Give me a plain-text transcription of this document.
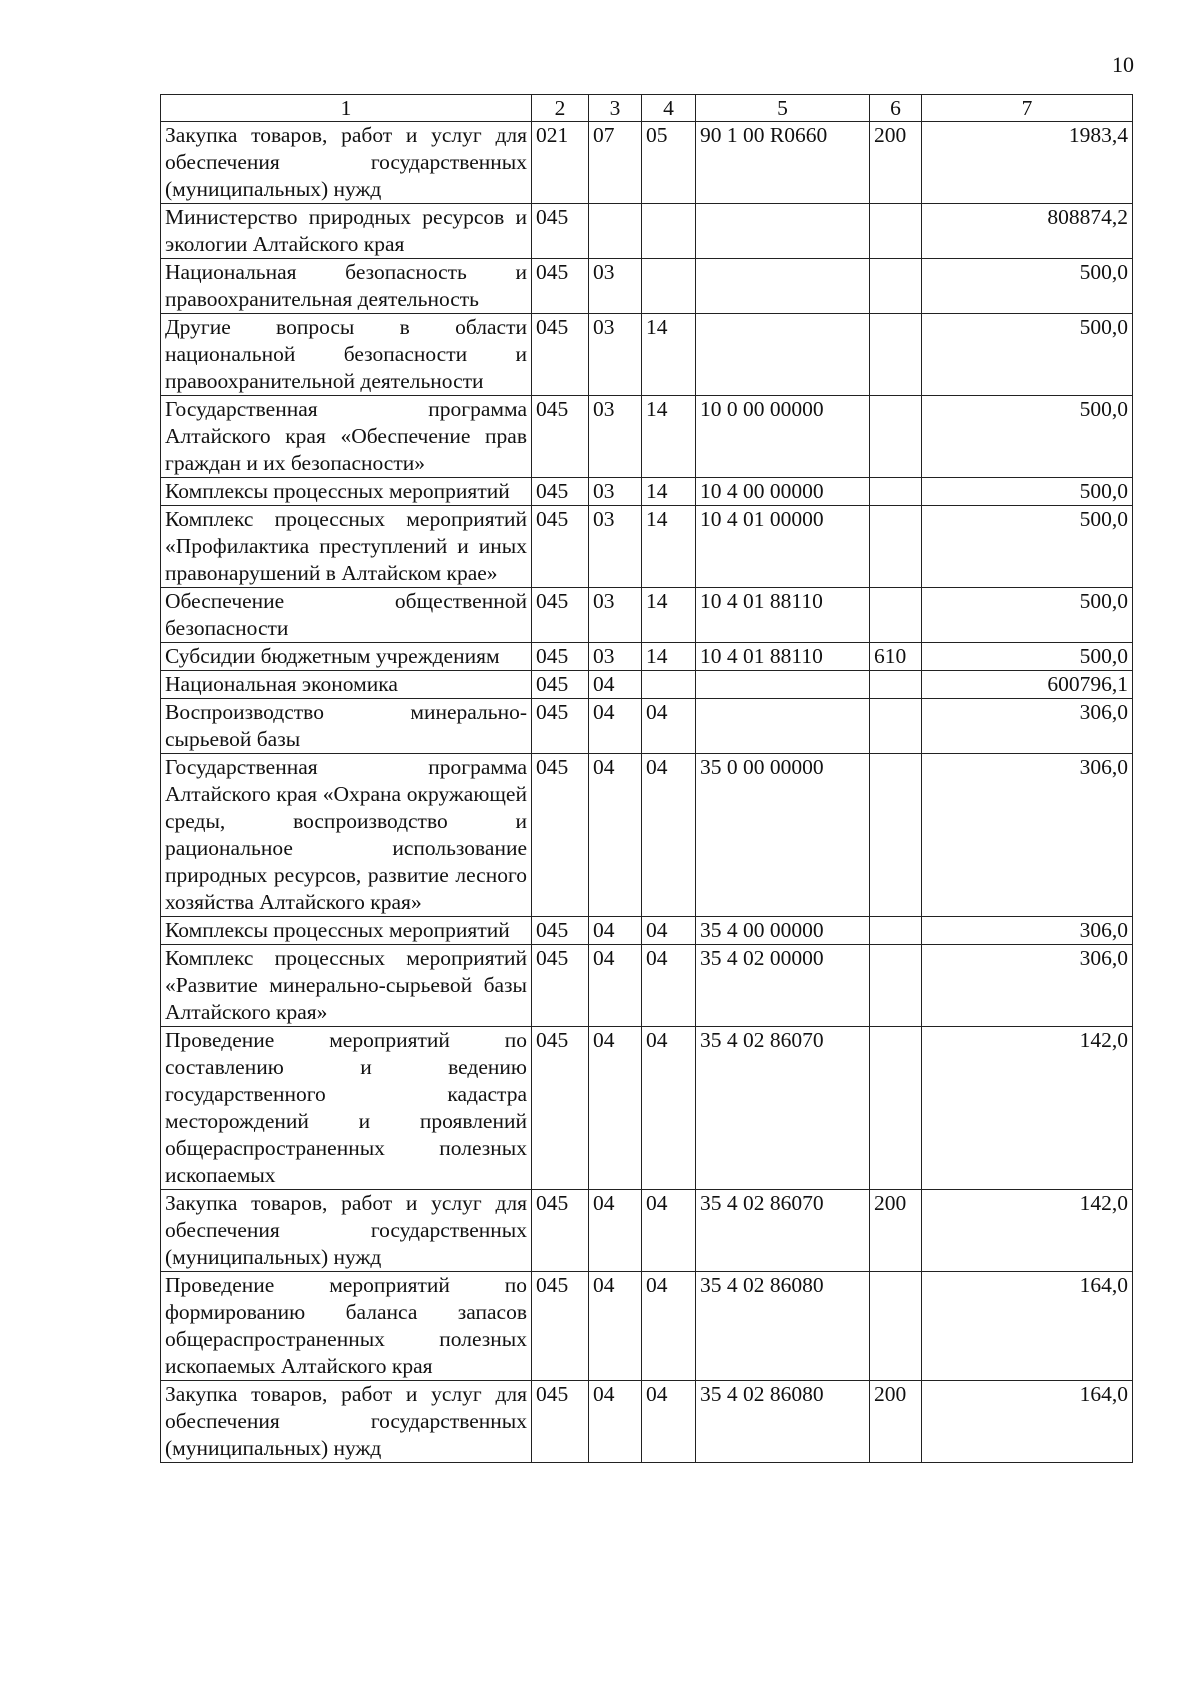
10
1	2	3	4	5	6	7
Закупка товаров, работ и услуг для обеспечения государственных (муниципальных) нужд	021	07	05	90 1 00 R0660	200	1983,4
Министерство природных ресурсов и экологии Алтайского края	045					808874,2
Национальная безопасность и правоохранительная деятельность	045	03				500,0
Другие вопросы в области национальной безопасности и правоохранительной деятельности	045	03	14			500,0
Государственная программа Алтайского края «Обеспечение прав граждан и их безопасности»	045	03	14	10 0 00 00000		500,0
Комплексы процессных мероприятий	045	03	14	10 4 00 00000		500,0
Комплекс процессных мероприятий «Профилактика преступлений и иных правонарушений в Алтайском крае»	045	03	14	10 4 01 00000		500,0
Обеспечение общественной безопасности	045	03	14	10 4 01 88110		500,0
Субсидии бюджетным учреждениям	045	03	14	10 4 01 88110	610	500,0
Национальная экономика	045	04				600796,1
Воспроизводство минерально-сырьевой базы	045	04	04			306,0
Государственная программа Алтайского края «Охрана окружающей среды, воспроизводство и рациональное использование природных ресурсов, развитие лесного хозяйства Алтайского края»	045	04	04	35 0 00 00000		306,0
Комплексы процессных мероприятий	045	04	04	35 4 00 00000		306,0
Комплекс процессных мероприятий «Развитие минерально-сырьевой базы Алтайского края»	045	04	04	35 4 02 00000		306,0
Проведение мероприятий по составлению и ведению государственного кадастра месторождений и проявлений общераспространенных полезных ископаемых	045	04	04	35 4 02 86070		142,0
Закупка товаров, работ и услуг для обеспечения государственных (муниципальных) нужд	045	04	04	35 4 02 86070	200	142,0
Проведение мероприятий по формированию баланса запасов общераспространенных полезных ископаемых Алтайского края	045	04	04	35 4 02 86080		164,0
Закупка товаров, работ и услуг для обеспечения государственных (муниципальных) нужд	045	04	04	35 4 02 86080	200	164,0
